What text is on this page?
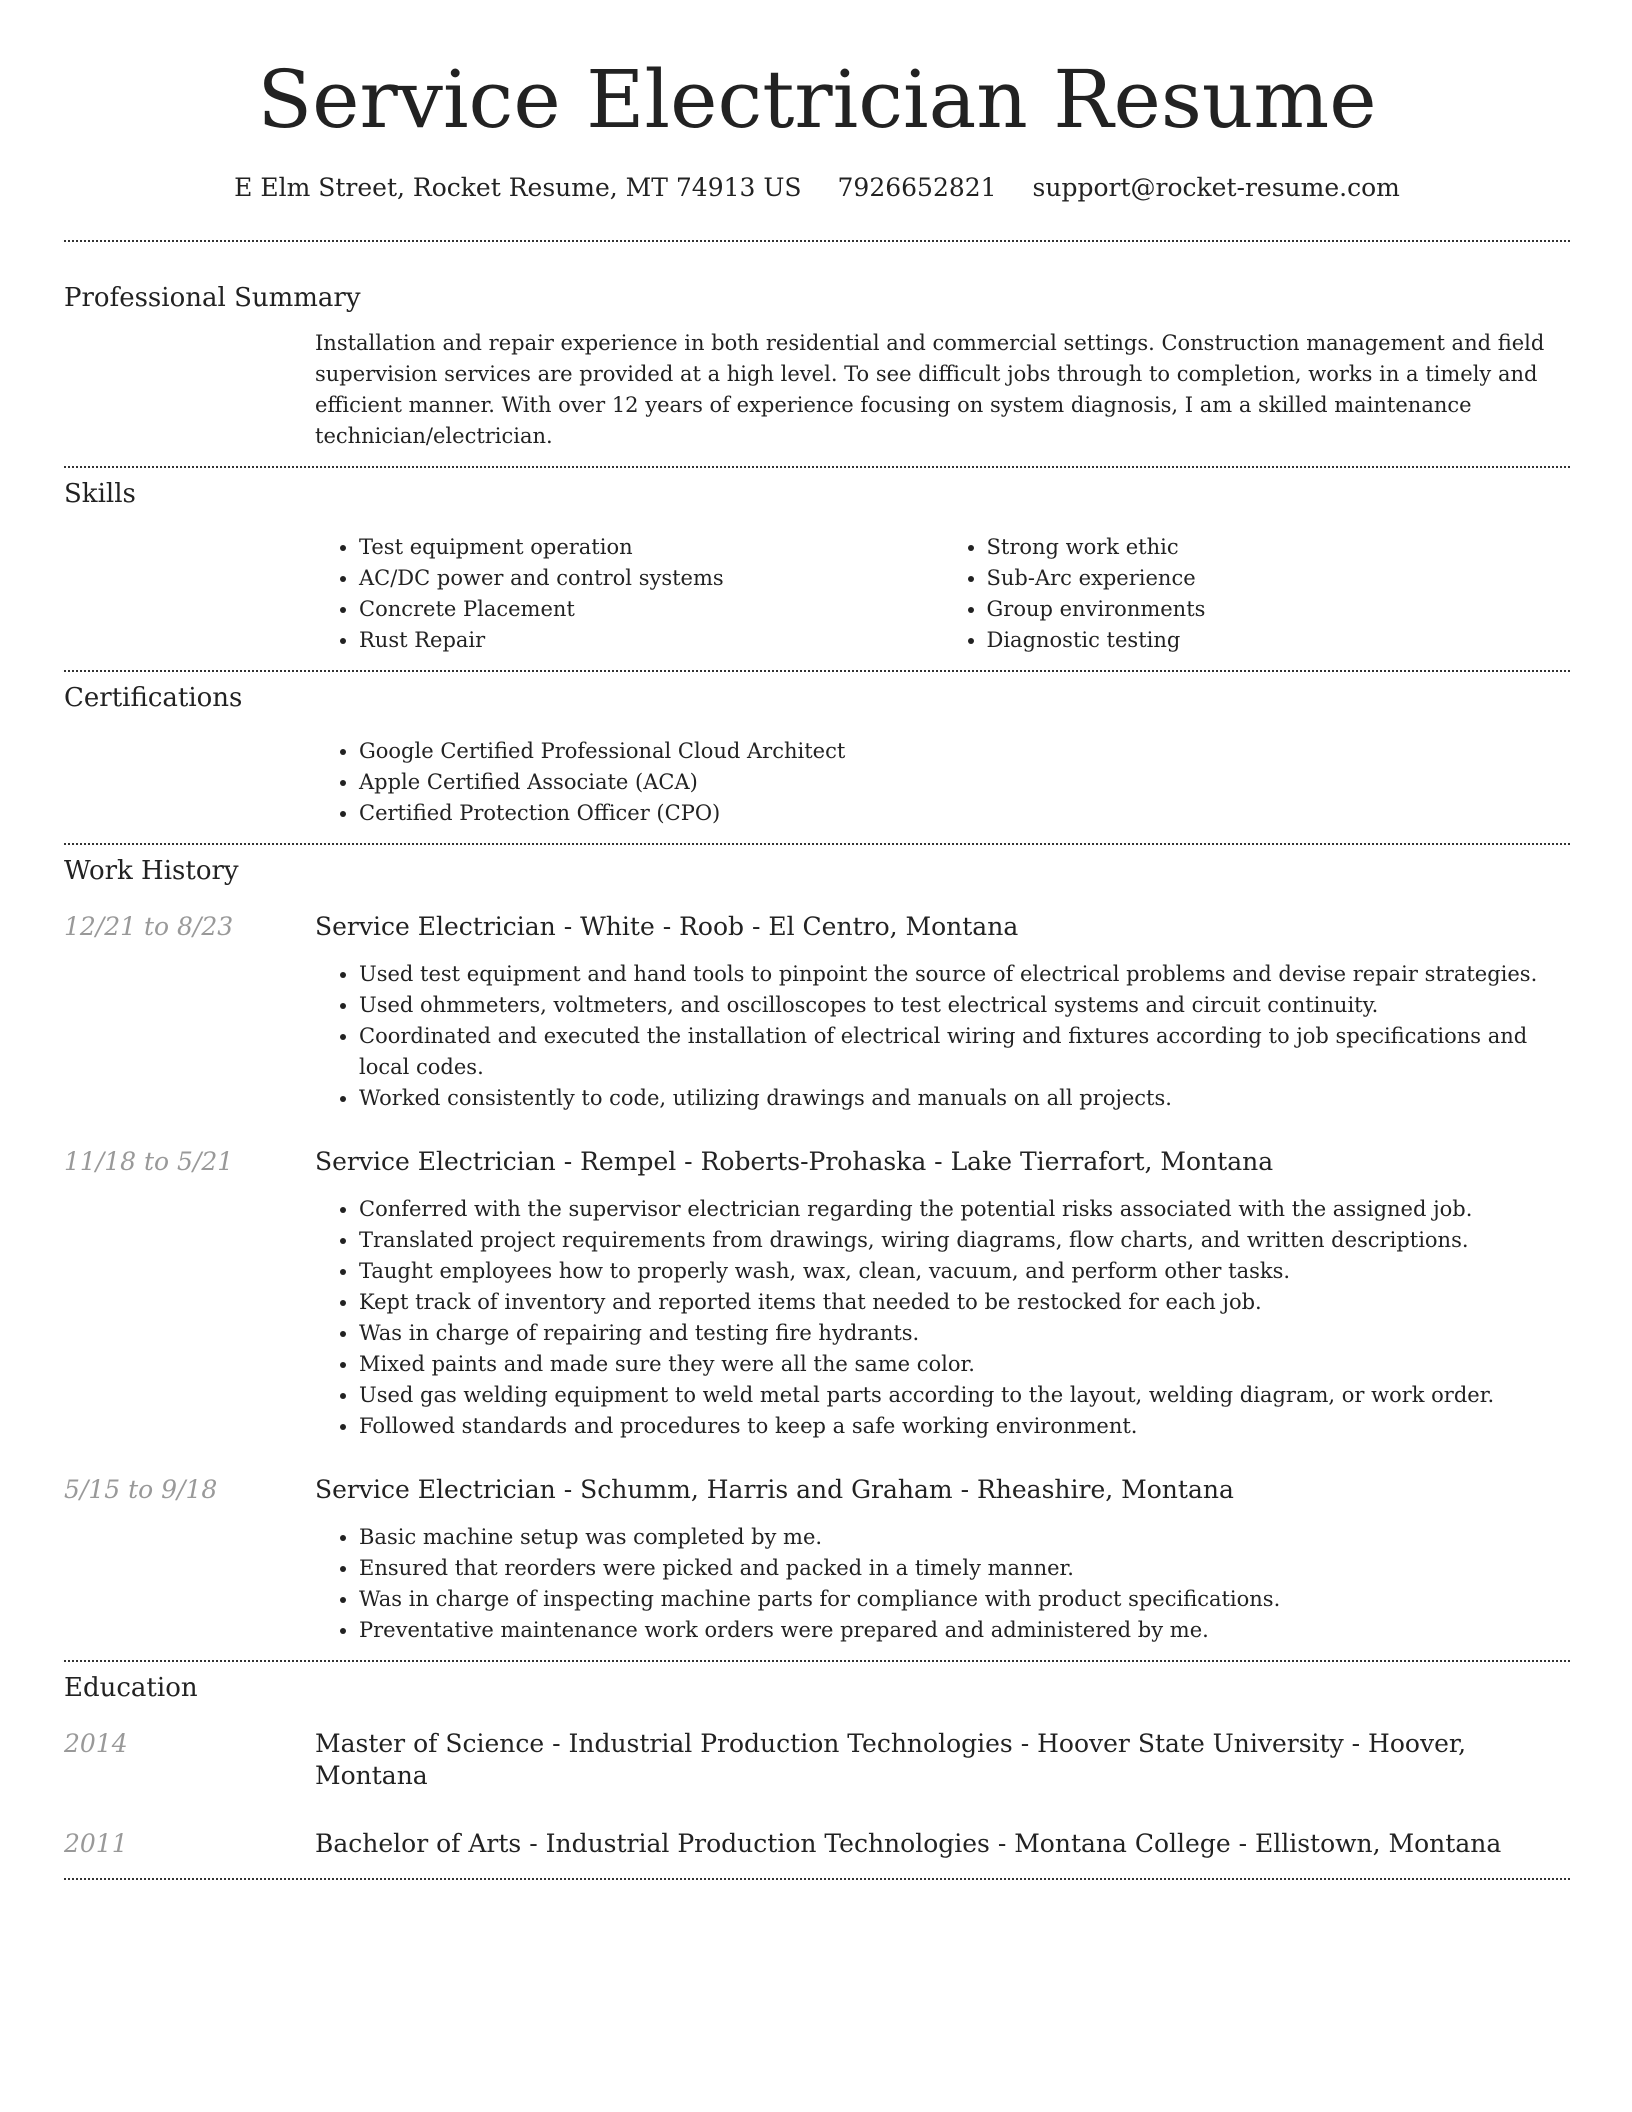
Service Electrician Resume
E Elm Street, Rocket Resume, MT 74913 US 7926652821 support@rocket-resume.com
Professional Summary

Installation and repair experience in both residential and commercial settings. Construction management and field supervision services are provided at a high level. To see difficult jobs through to completion, works in a timely and efficient manner. With over 12 years of experience focusing on system diagnosis, I am a skilled maintenance technician/electrician.

Skills
• Test equipment operation
• AC/DC power and control systems
• Concrete Placement
• Rust Repair
• Strong work ethic
• Sub-Arc experience
• Group environments
• Diagnostic testing
Certifications
• Google Certified Professional Cloud Architect
• Apple Certified Associate (ACA)
• Certified Protection Officer (CPO)
Work History
12/21 to 8/23	Service Electrician - White - Roob - El Centro, Montana
• Used test equipment and hand tools to pinpoint the source of electrical problems and devise repair strategies.
• Used ohmmeters, voltmeters, and oscilloscopes to test electrical systems and circuit continuity.
• Coordinated and executed the installation of electrical wiring and fixtures according to job specifications and local codes.
• Worked consistently to code, utilizing drawings and manuals on all projects.
11/18 to 5/21	Service Electrician - Rempel - Roberts-Prohaska - Lake Tierrafort, Montana
• Conferred with the supervisor electrician regarding the potential risks associated with the assigned job.
• Translated project requirements from drawings, wiring diagrams, flow charts, and written descriptions.
• Taught employees how to properly wash, wax, clean, vacuum, and perform other tasks.
• Kept track of inventory and reported items that needed to be restocked for each job.
• Was in charge of repairing and testing fire hydrants.
• Mixed paints and made sure they were all the same color.
• Used gas welding equipment to weld metal parts according to the layout, welding diagram, or work order.
• Followed standards and procedures to keep a safe working environment.
5/15 to 9/18	Service Electrician - Schumm, Harris and Graham - Rheashire, Montana
• Basic machine setup was completed by me.
• Ensured that reorders were picked and packed in a timely manner.
• Was in charge of inspecting machine parts for compliance with product specifications.
• Preventative maintenance work orders were prepared and administered by me.
Education
2014	Master of Science - Industrial Production Technologies - Hoover State University - Hoover, Montana
2011	Bachelor of Arts - Industrial Production Technologies - Montana College - Ellistown, Montana
